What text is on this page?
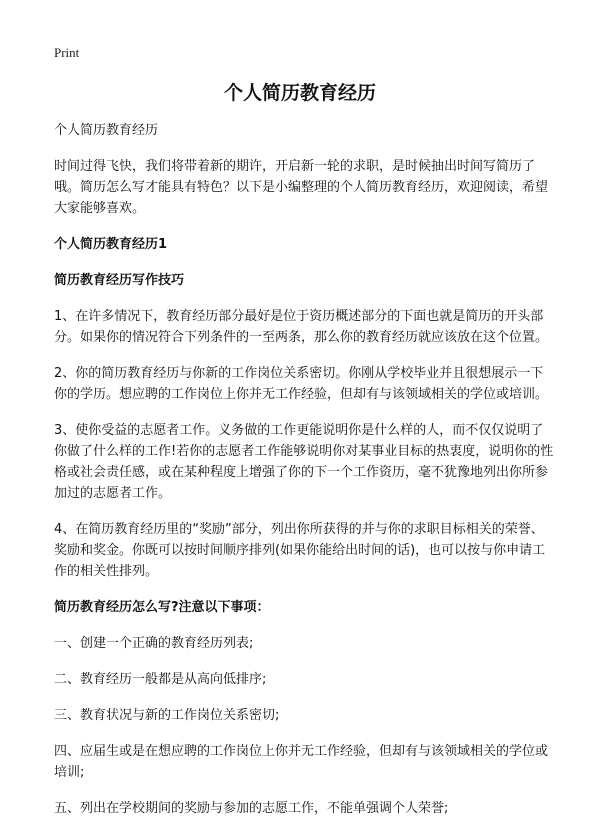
Print
个人简历教育经历

个人简历教育经历

时间过得飞快，我们将带着新的期许，开启新一轮的求职，是时候抽出时间写简历了哦。简历怎么写才能具有特色？以下是小编整理的个人简历教育经历，欢迎阅读，希望大家能够喜欢。

个人简历教育经历1
简历教育经历写作技巧

1、在许多情况下，教育经历部分最好是位于资历概述部分的下面也就是简历的开头部分。如果你的情况符合下列条件的一至两条，那么你的教育经历就应该放在这个位置。

2、你的简历教育经历与你新的工作岗位关系密切。你刚从学校毕业并且很想展示一下你的学历。想应聘的工作岗位上你并无工作经验，但却有与该领域相关的学位或培训。

3、使你受益的志愿者工作。义务做的工作更能说明你是什么样的人，而不仅仅说明了你做了什么样的工作!若你的志愿者工作能够说明你对某事业目标的热衷度，说明你的性格或社会责任感，或在某种程度上增强了你的下一个工作资历，毫不犹豫地列出你所参加过的志愿者工作。

4、在简历教育经历里的“奖励”部分，列出你所获得的并与你的求职目标相关的荣誉、奖励和奖金。你既可以按时间顺序排列(如果你能给出时间的话)，也可以按与你申请工作的相关性排列。

简历教育经历怎么写?注意以下事项：

一、创建一个正确的教育经历列表;

二、教育经历一般都是从高向低排序;

三、教育状况与新的工作岗位关系密切;

四、应届生或是在想应聘的工作岗位上你并无工作经验，但却有与该领域相关的学位或培训;

五、列出在学校期间的奖励与参加的志愿工作，不能单强调个人荣誉;
